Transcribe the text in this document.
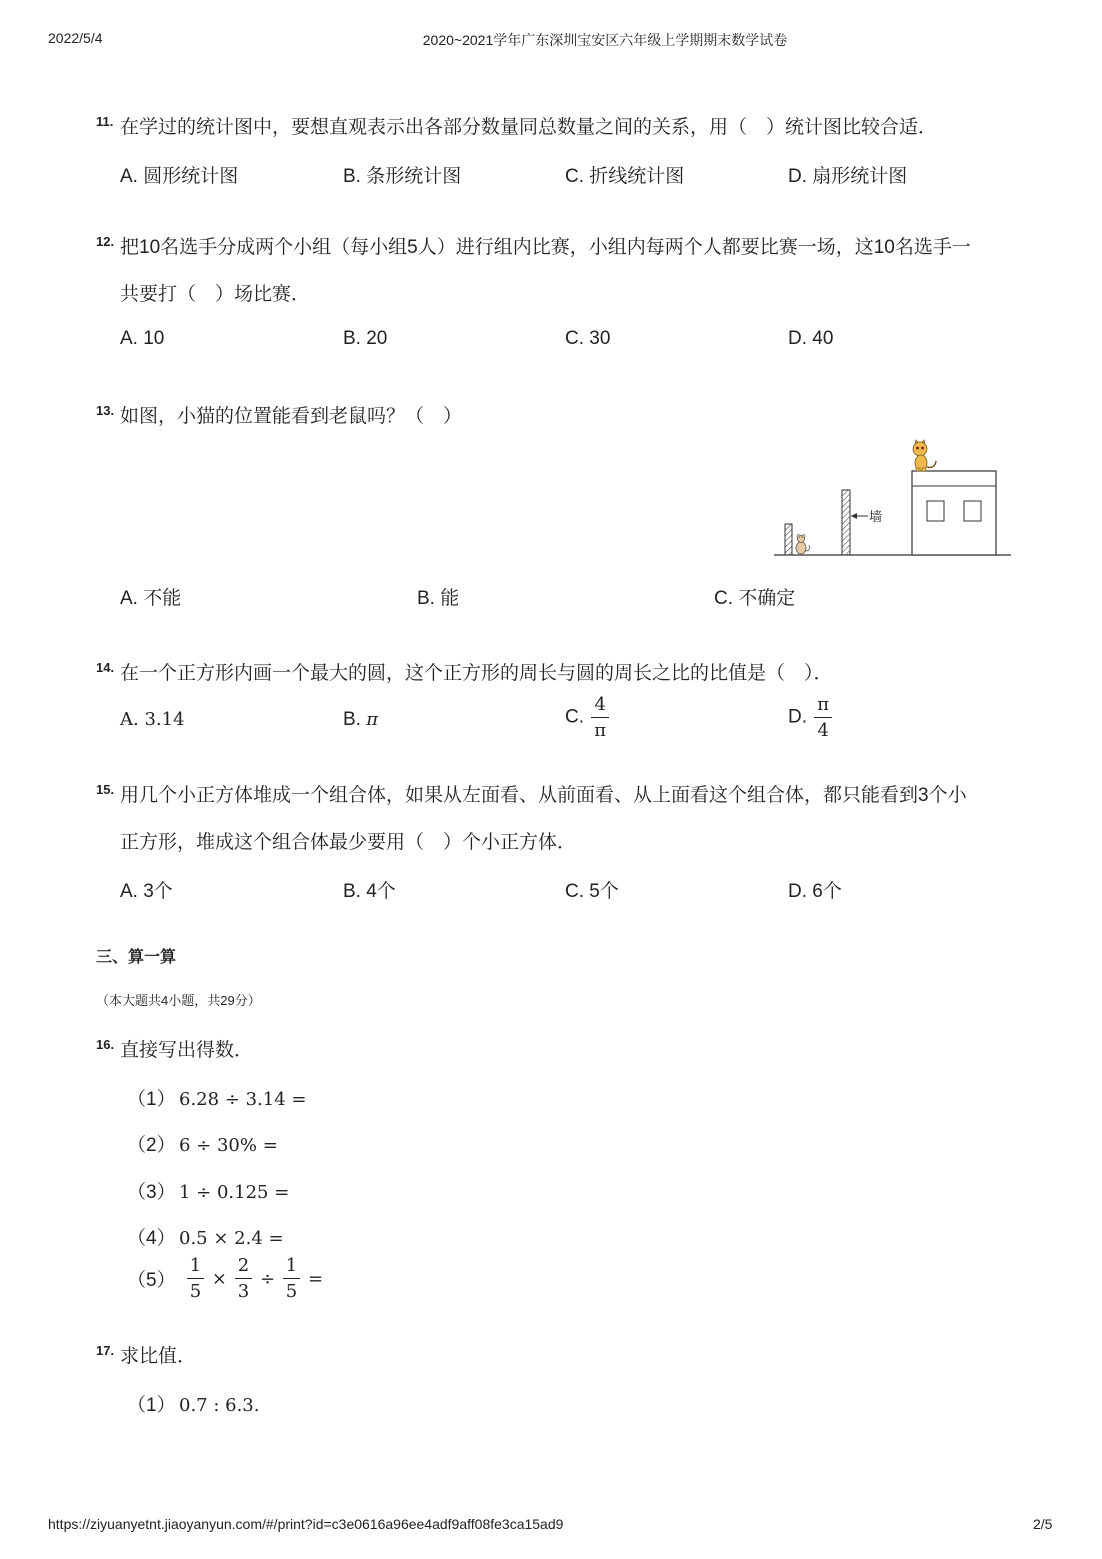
2022/5/4	2020~2021学年广东深圳宝安区六年级上学期期末数学试卷
11. 在学过的统计图中，要想直观表示出各部分数量同总数量之间的关系，用（　）统计图比较合适．
A. 圆形统计图	B. 条形统计图	C. 折线统计图	D. 扇形统计图
12. 把10名选手分成两个小组（每小组5人）进行组内比赛，小组内每两个人都要比赛一场，这10名选手一
共要打（　）场比赛．
A. 10	B. 20	C. 30	D. 40
13. 如图，小猫的位置能看到老鼠吗？（　）
墙
A. 不能	B. 能	C. 不确定
14. 在一个正方形内画一个最大的圆，这个正方形的周长与圆的周长之比的比值是（　）．
A. 3.14	B. π	C. $\frac{4}{\pi}$	D. $\frac{\pi}{4}$
15. 用几个小正方体堆成一个组合体，如果从左面看、从前面看、从上面看这个组合体，都只能看到3个小
正方形，堆成这个组合体最少要用（　）个小正方体．
A. 3个	B. 4个	C. 5个	D. 6个
三、算一算
（本大题共4小题，共29分）
16. 直接写出得数．
（1） 6.28 ÷ 3.14 =
（2） 6 ÷ 30% =
（3） 1 ÷ 0.125 =
（4） 0.5 × 2.4 =
$(5) \frac{1}{5} \times \frac{2}{3} \div \frac{1}{5}$ =
17. 求比值．
（1） 0.7 : 6.3.
https://ziyuanyetnt.jiaoyanyun.com/#/print?id=c3e0616a96ee4adf9aff08fe3ca15ad9	2/5
